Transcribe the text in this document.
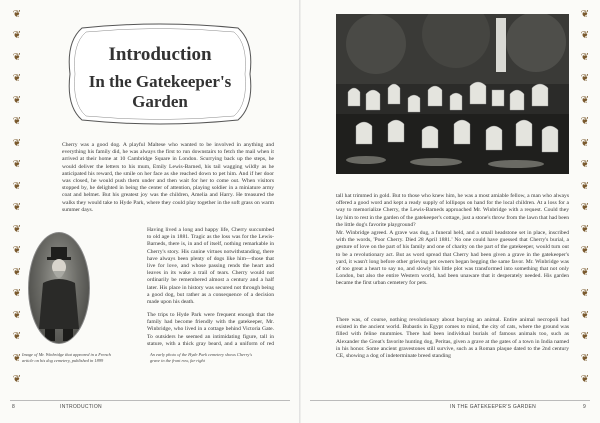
❦
❦
❦
❦
❦
❦
❦
❦
❦
❦
❦
❦
❦
❦
❦
❦
❦
❦
❦
❦
❦
❦
❦
❦
❦
❦
❦
❦
❦
❦
❦
❦
❦
❦
❦
❦
Introduction
In the Gatekeeper's Garden
Cherry was a good dog. A playful Maltese who wanted to be involved in anything and everything his family did, he was always the first to run downstairs to fetch the mail when it arrived at their home at 10 Cambridge Square in London. Scurrying back up the steps, he would deliver the letters to his mum, Emily Lewis-Barned, his tail wagging wildly as he anticipated his reward, the smile on her face as she reached down to pet him. And if her door was closed, he would push them under and then wait for her to come out. When visitors stopped by, he delighted in being the center of attention, playing soldier in a miniature army coat and helmet. But his greatest joy was the children, Amelia and Harry. He treasured the walks they would take to Hyde Park, where they could play together in the soft grass on warm summer days.
Having lived a long and happy life, Cherry succumbed to old age in 1881. Tragic as the loss was for the Lewis-Barneds, there is, in and of itself, nothing remarkable in Cherry's story. His canine virtues notwithstanding, there have always been plenty of dogs like him—those that live for love, and whose passing rends the heart and leaves in its wake a trail of tears. Cherry would not ordinarily be remembered almost a century and a half later. His place in history was secured not through being a good dog, but rather as a consequence of a decision made upon his death.
The trips to Hyde Park were frequent enough that the family had become friendly with the gatekeeper, Mr. Winbridge, who lived in a cottage behind Victoria Gate. To outsiders he seemed an intimidating figure, tall in stature, with a thick gray beard, and a uniform of red
Image of Mr. Winbridge that appeared in a French article on his dog cemetery, published in 1899
An early photo of the Hyde Park cemetery shows Cherry's grave in the front row, far right
tall hat trimmed in gold. But to those who knew him, he was a most amiable fellow, a man who always offered a good word and kept a ready supply of lollipops on hand for the local children. At a loss for a way to memorialize Cherry, the Lewis-Barneds approached Mr. Winbridge with a request. Could they lay him to rest in the garden of the gatekeeper's cottage, just a stone's throw from the lawn that had been the little dog's favorite playground?
Mr. Winbridge agreed. A grave was dug, a funeral held, and a small headstone set in place, inscribed with the words, 'Poor Cherry. Died 28 April 1881.' No one could have guessed that Cherry's burial, a gesture of love on the part of his family and one of charity on the part of the gatekeeper, would turn out to be a revolutionary act. But as word spread that Cherry had been given a grave in the gatekeeper's yard, it wasn't long before other grieving pet owners began begging the same favor. Mr. Winbridge was of too great a heart to say no, and slowly his little plot was transformed into something that not only London, but also the entire Western world, had been unaware that it desperately needed. His garden became the first urban cemetery for pets.
There was, of course, nothing revolutionary about burying an animal. Entire animal necropoli had existed in the ancient world. Bubastis in Egypt comes to mind, the city of cats, where the ground was filled with feline mummies. There had been individual burials of famous animals too, such as Alexander the Great's favorite hunting dog, Peritas, given a grave at the gates of a town in India named in his honor. Some ancient gravestones still survive, such as a Roman plaque dated to the 2nd century CE, showing a dog of indeterminate breed standing
8	INTRODUCTION	IN THE GATEKEEPER'S GARDEN	9
